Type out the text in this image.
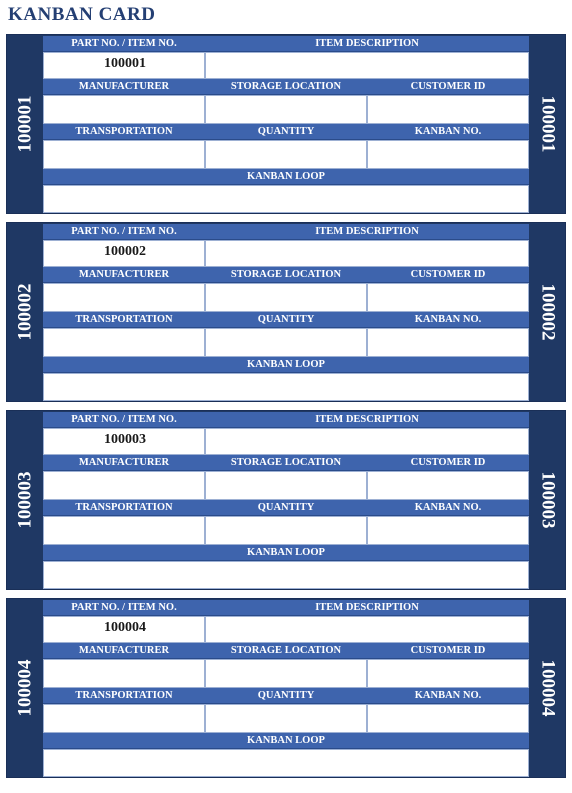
KANBAN CARD
100001
PART NO. / ITEM NO.	ITEM DESCRIPTION
100001
MANUFACTURER	STORAGE LOCATION	CUSTOMER ID
TRANSPORTATION	QUANTITY	KANBAN NO.
KANBAN LOOP
100001
100002
PART NO. / ITEM NO.	ITEM DESCRIPTION
100002
MANUFACTURER	STORAGE LOCATION	CUSTOMER ID
TRANSPORTATION	QUANTITY	KANBAN NO.
KANBAN LOOP
100002
100003
PART NO. / ITEM NO.	ITEM DESCRIPTION
100003
MANUFACTURER	STORAGE LOCATION	CUSTOMER ID
TRANSPORTATION	QUANTITY	KANBAN NO.
KANBAN LOOP
100003
100004
PART NO. / ITEM NO.	ITEM DESCRIPTION
100004
MANUFACTURER	STORAGE LOCATION	CUSTOMER ID
TRANSPORTATION	QUANTITY	KANBAN NO.
KANBAN LOOP
100004
